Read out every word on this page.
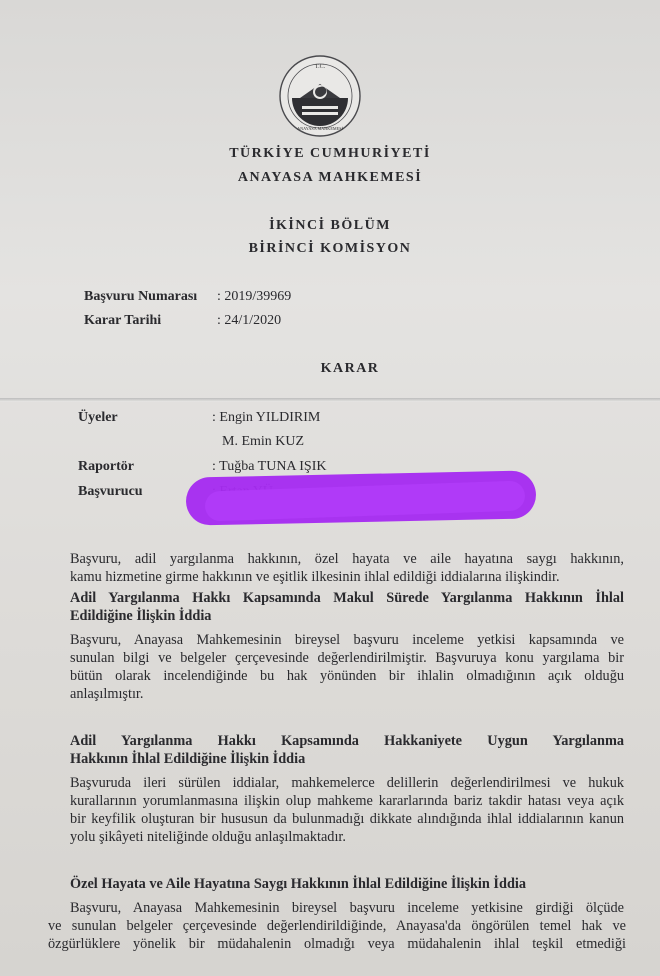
T.C.
ANAYASA MAHKEMESİ
TÜRKİYE CUMHURİYETİ
ANAYASA MAHKEMESİ
İKİNCİ BÖLÜM
BİRİNCİ KOMİSYON
Başvuru Numarası : 2019/39969
Karar Tarihi	: 24/1/2020
KARAR
Üyeler	: Engin YILDIRIM
M. Emin KUZ
Raportör	: Tuğba TUNA IŞIK
Başvurucu
Başvuru, adil yargılanma hakkının, özel hayata ve aile hayatına saygı hakkının,
kamu hizmetine girme hakkının ve eşitlik ilkesinin ihlal edildiği iddialarına ilişkindir.
Adil Yargılanma Hakkı Kapsamında Makul Sürede Yargılanma Hakkının İhlal
Edildiğine İlişkin İddia
Başvuru, Anayasa Mahkemesinin bireysel başvuru inceleme yetkisi kapsamında ve
sunulan bilgi ve belgeler çerçevesinde değerlendirilmiştir. Başvuruya konu yargılama bir
bütün olarak incelendiğinde bu hak yönünden bir ihlalin olmadığının açık olduğu
anlaşılmıştır.
Adil Yargılanma Hakkı Kapsamında Hakkaniyete Uygun Yargılanma
Hakkının İhlal Edildiğine İlişkin İddia
Başvuruda ileri sürülen iddialar, mahkemelerce delillerin değerlendirilmesi ve hukuk
kurallarının yorumlanmasına ilişkin olup mahkeme kararlarında bariz takdir hatası veya açık
bir keyfilik oluşturan bir hususun da bulunmadığı dikkate alındığında ihlal iddialarının kanun
yolu şikâyeti niteliğinde olduğu anlaşılmaktadır.
Özel Hayata ve Aile Hayatına Saygı Hakkının İhlal Edildiğine İlişkin İddia
Başvuru, Anayasa Mahkemesinin bireysel başvuru inceleme yetkisine girdiği ölçüde
ve sunulan belgeler çerçevesinde değerlendirildiğinde, Anayasa'da öngörülen temel hak ve
özgürlüklere yönelik bir müdahalenin olmadığı veya müdahalenin ihlal teşkil etmediği
